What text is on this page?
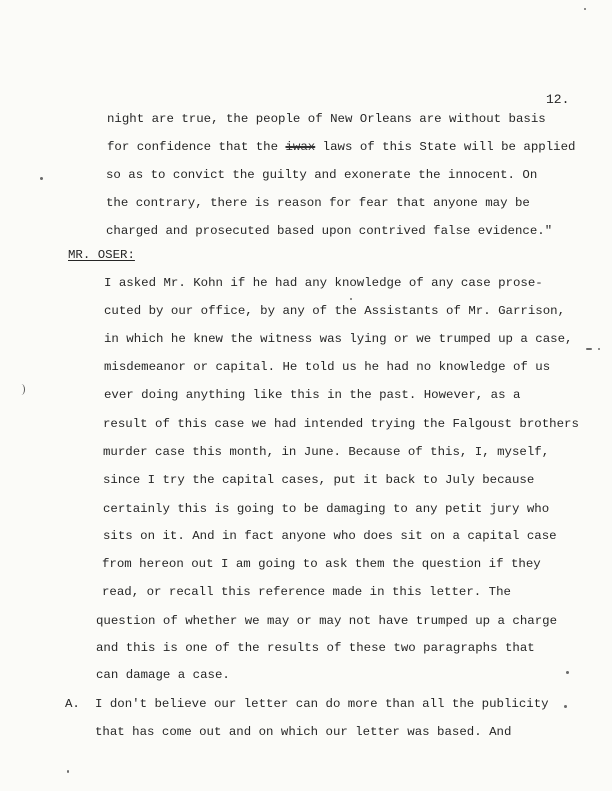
12.
night are true, the people of New Orleans are without basis
for confidence that the iwax laws of this State will be applied
so as to convict the guilty and exonerate the innocent. On
the contrary, there is reason for fear that anyone may be
charged and prosecuted based upon contrived false evidence."
MR. OSER:
I asked Mr. Kohn if he had any knowledge of any case prose-
cuted by our office, by any of the Assistants of Mr. Garrison,
in which he knew the witness was lying or we trumped up a case,
misdemeanor or capital. He told us he had no knowledge of us
ever doing anything like this in the past. However, as a
result of this case we had intended trying the Falgoust brothers
murder case this month, in June. Because of this, I, myself,
since I try the capital cases, put it back to July because
certainly this is going to be damaging to any petit jury who
sits on it. And in fact anyone who does sit on a capital case
from hereon out I am going to ask them the question if they
read, or recall this reference made in this letter. The
question of whether we may or may not have trumped up a charge
and this is one of the results of these two paragraphs that
can damage a case.
A. I don't believe our letter can do more than all the publicity
that has come out and on which our letter was based. And
